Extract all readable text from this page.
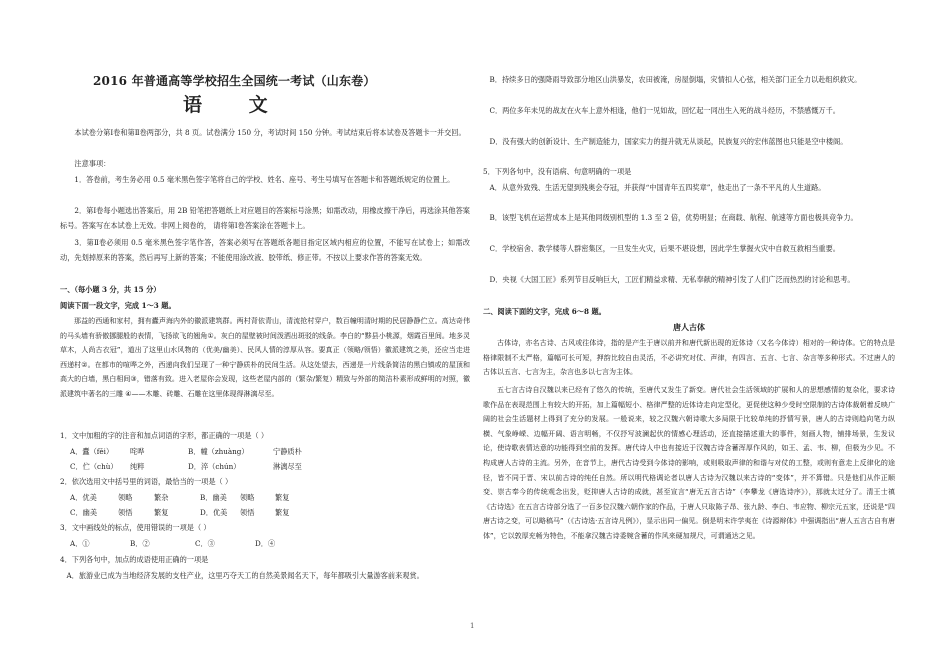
2016 年普通高等学校招生全国统一考试（山东卷）
语 文
本试卷分第Ⅰ卷和第Ⅱ卷两部分，共 8 页。试卷满分 150 分，考试时间 150 分钟。考试结束后将本试卷及答题卡一并交回。
注意事项：
1．答卷前，考生务必用 0.5 毫米黑色签字笔将自己的学校、姓名、座号、考生号填写在答题卡和答题纸规定的位置上。
2．第Ⅰ卷每小题选出答案后，用 2B 铅笔把答题纸上对应题目的答案标号涂黑；如需改动，用橡皮擦干净后，再选涂其他答案标号。答案写在本试卷上无效。非网上阅卷的， 请将第Ⅰ卷答案涂在答题卡上。
3．第Ⅱ卷必须用 0.5 毫米黑色签字笔作答，答案必须写在答题纸各题目指定区域内相应的位置，不能写在试卷上；如需改动，先划掉原来的答案，然后再写上新的答案；不能使用涂改液、胶带纸、修正带。不按以上要求作答的答案无效。
一、（每小题 3 分，共 15 分）
阅读下面一段文字，完成 1～3 题。
那益的西通和家村，拥有蠹声海内外的徽派建筑群。两村背依青山，清流抢村穿户，数百幢明清时期的民居静静伫立。高达奇伟的马头墙有骄傲挪腿般的表情，飞扬欲飞的翘角①。灰白的屋壁被时间泼洒出斑驳的线条。李白的“黟县小桃源，烟霞百里间。地多灵草木，人尚古衣冠”，道出了这里山水风物的（优美/幽美）、民风人情的淳厚从容。要真正（领略/领悟）徽派建筑之美，还应当走进西递村②。在都市的喧哗之外，西递向我们呈现了一种宁静质朴的民间生活。从这处望去，西递是一片线条简洁的黑白镇或的屋顶和高大的白墙，黑白相间③，错落有致。进入老屋你会发现，这些老屋内部的（繁杂/繁复）精致与外部的简洁朴素形成鲜明的对照，徽派建筑中著名的三雕 ④——木雕、砖雕、石雕在这里体现得淋漓尽至。
1．文中加粗的字的注音和加点词语的字形，都正确的一项是（ ）
A．蠹（fěi） 咤哗	B．幢（zhuàng）	宁静质朴
C．伫（chù） 纯粹	D．淬（chún）	淋漓尽至
2．依次选用文中括号里的词语，最恰当的一项是（ ）
A．优美	领略	繁杂	B．幽美 领略	繁复
C．幽美	领悟	繁复	D．优美 领悟	繁复
3．文中画线处的标点，使用错误的一项是（ ）
A．①	B．②	C．③	D．④
4．下列各句中，加点的成语使用正确的一项是
A．旅游业已成为当地经济发展的支柱产业，这里巧夺天工的自然美景闻名天下，每年都吸引大量游客前来观赏。
B．持续多日的强降雨导致部分地区山洪暴发，农田被淹，房屋倒塌，灾情扣人心弦，相关部门正全力以赴组织救灾。
C．两位多年未见的战友在火车上意外相逢，他们一见如故，回忆起一同出生入死的战斗经历，不禁感慨万千。
D．没有强大的创新设计、生产制造能力，国家实力的提升就无从谈起，民族复兴的宏伟蓝图也只能是空中楼阁。
5．下列各句中，没有语病、句意明确的一项是
A．从意外致残、生活无望到残奥会夺冠，并获得“中国青年五四奖章”，他走出了一条不平凡的人生道路。
B．该型飞机在运营成本上是其他同级别机型的 1.3 至 2 倍，优势明显；在商载、航程、航速等方面也极具竞争力。
C．学校宿舍、教学楼等人群密集区，一旦发生火灾，后果不堪设想，因此学生掌握火灾中自救互救相当重要。
D．央视《大国工匠》系列节目反响巨大，工匠们精益求精、无私奉献的精神引发了人们广泛而热烈的讨论和思考。
二、阅读下面的文字，完成 6～8 题。
唐人古体
古体诗，亦名古诗、古风或往体诗，指的是产生于唐以前并和唐代新出现的近体诗（又名今体诗）相对的一种诗体。它的特点是格律限制不太严格，篇幅可长可短，押韵比较自由灵活，不必讲究对仗、声律，有四言、五言、七言、杂言等多种形式。不过唐人的古体以五言、七言为主，杂言也多以七言为主体。
五七言古诗自汉魏以来已经有了悠久的传统，至唐代又发生了新变。唐代社会生活领域的扩展和人的思想感情的复杂化，要求诗歌作品在表现范围上有较大的开拓，加上篇幅短小、格律严整的近体诗走向定型化，更促使这种少受时空限制的古诗体裁朝着反映广阔的社会生活题材上得到了充分的发展。一般说来，较之汉魏六朝诗歌大多局限于比较单纯的抒情写景，唐人的古诗则趋向笔力纵横、气象峥嵘、边幅开阔、语言明畅，不仅抒写波澜起伏的情感心理活动，还直接描述重大的事件，刻画人物，铺排场景，生发议论，使诗歌表情达意的功能得到空前的发挥。唐代诗人中也有接近于汉魏古诗含蓄浑厚作风的，如王、孟、韦、柳，但极为少见。不构成唐人古诗的主流。另外，在音节上，唐代古诗受到今体诗的影响，或则吸取声律的和谐与对仗的工整，或则有意走上反律化的途径，皆不同于晋、宋以前古诗的纯任自然。所以明代格调论者以唐人古诗为汉魏以来古诗的“变体”，并不算错。只是他们从作正顺变、崇古奉今的传统观念出发，贬抑唐人古诗的成就，甚至宣言“唐无五言古诗”（李攀龙《唐选诗序》），那就太过分了。清王士禛《古诗选》在五言古诗部分选了一百多位汉魏六朝作家的作品，于唐人只取陈子昂、张九龄、李白、韦应物、柳宗元五家，还说是“四唐古诗之变，可以略稿马”（《古诗选·五言诗凡例》），显示出同一偏见。倒是明末许学夷在《诗源辩体》中强调指出“唐人五言古自有唐体”，它以敦厚充畅为特色，不能拿汉魏古诗委婉含蓄的作风来硬加规尺，可谓通达之见。
1
